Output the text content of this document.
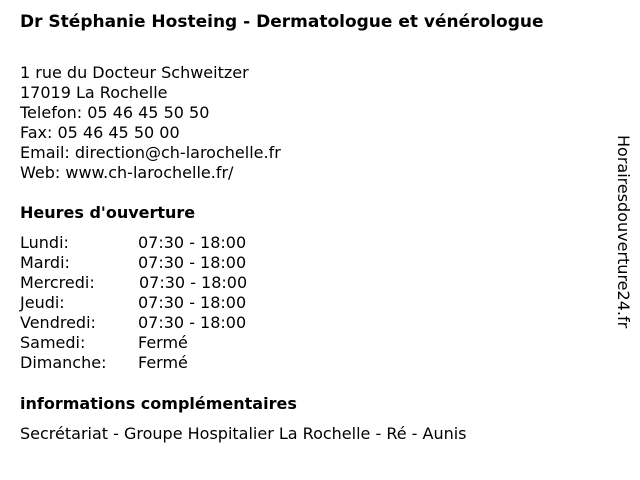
Dr Stéphanie Hosteing - Dermatologue et vénérologue
1 rue du Docteur Schweitzer
17019 La Rochelle
Telefon: 05 46 45 50 50
Fax: 05 46 45 50 00
Email: direction@ch-larochelle.fr
Web: www.ch-larochelle.fr/
Heures d'ouverture
Lundi:	07:30 - 18:00
Mardi:	07:30 - 18:00
Mercredi:	07:30 - 18:00
Jeudi:	07:30 - 18:00
Vendredi:	07:30 - 18:00
Samedi:	Fermé
Dimanche: Fermé
informations complémentaires
Secrétariat - Groupe Hospitalier La Rochelle - Ré - Aunis
Horairesdouverture24.fr
